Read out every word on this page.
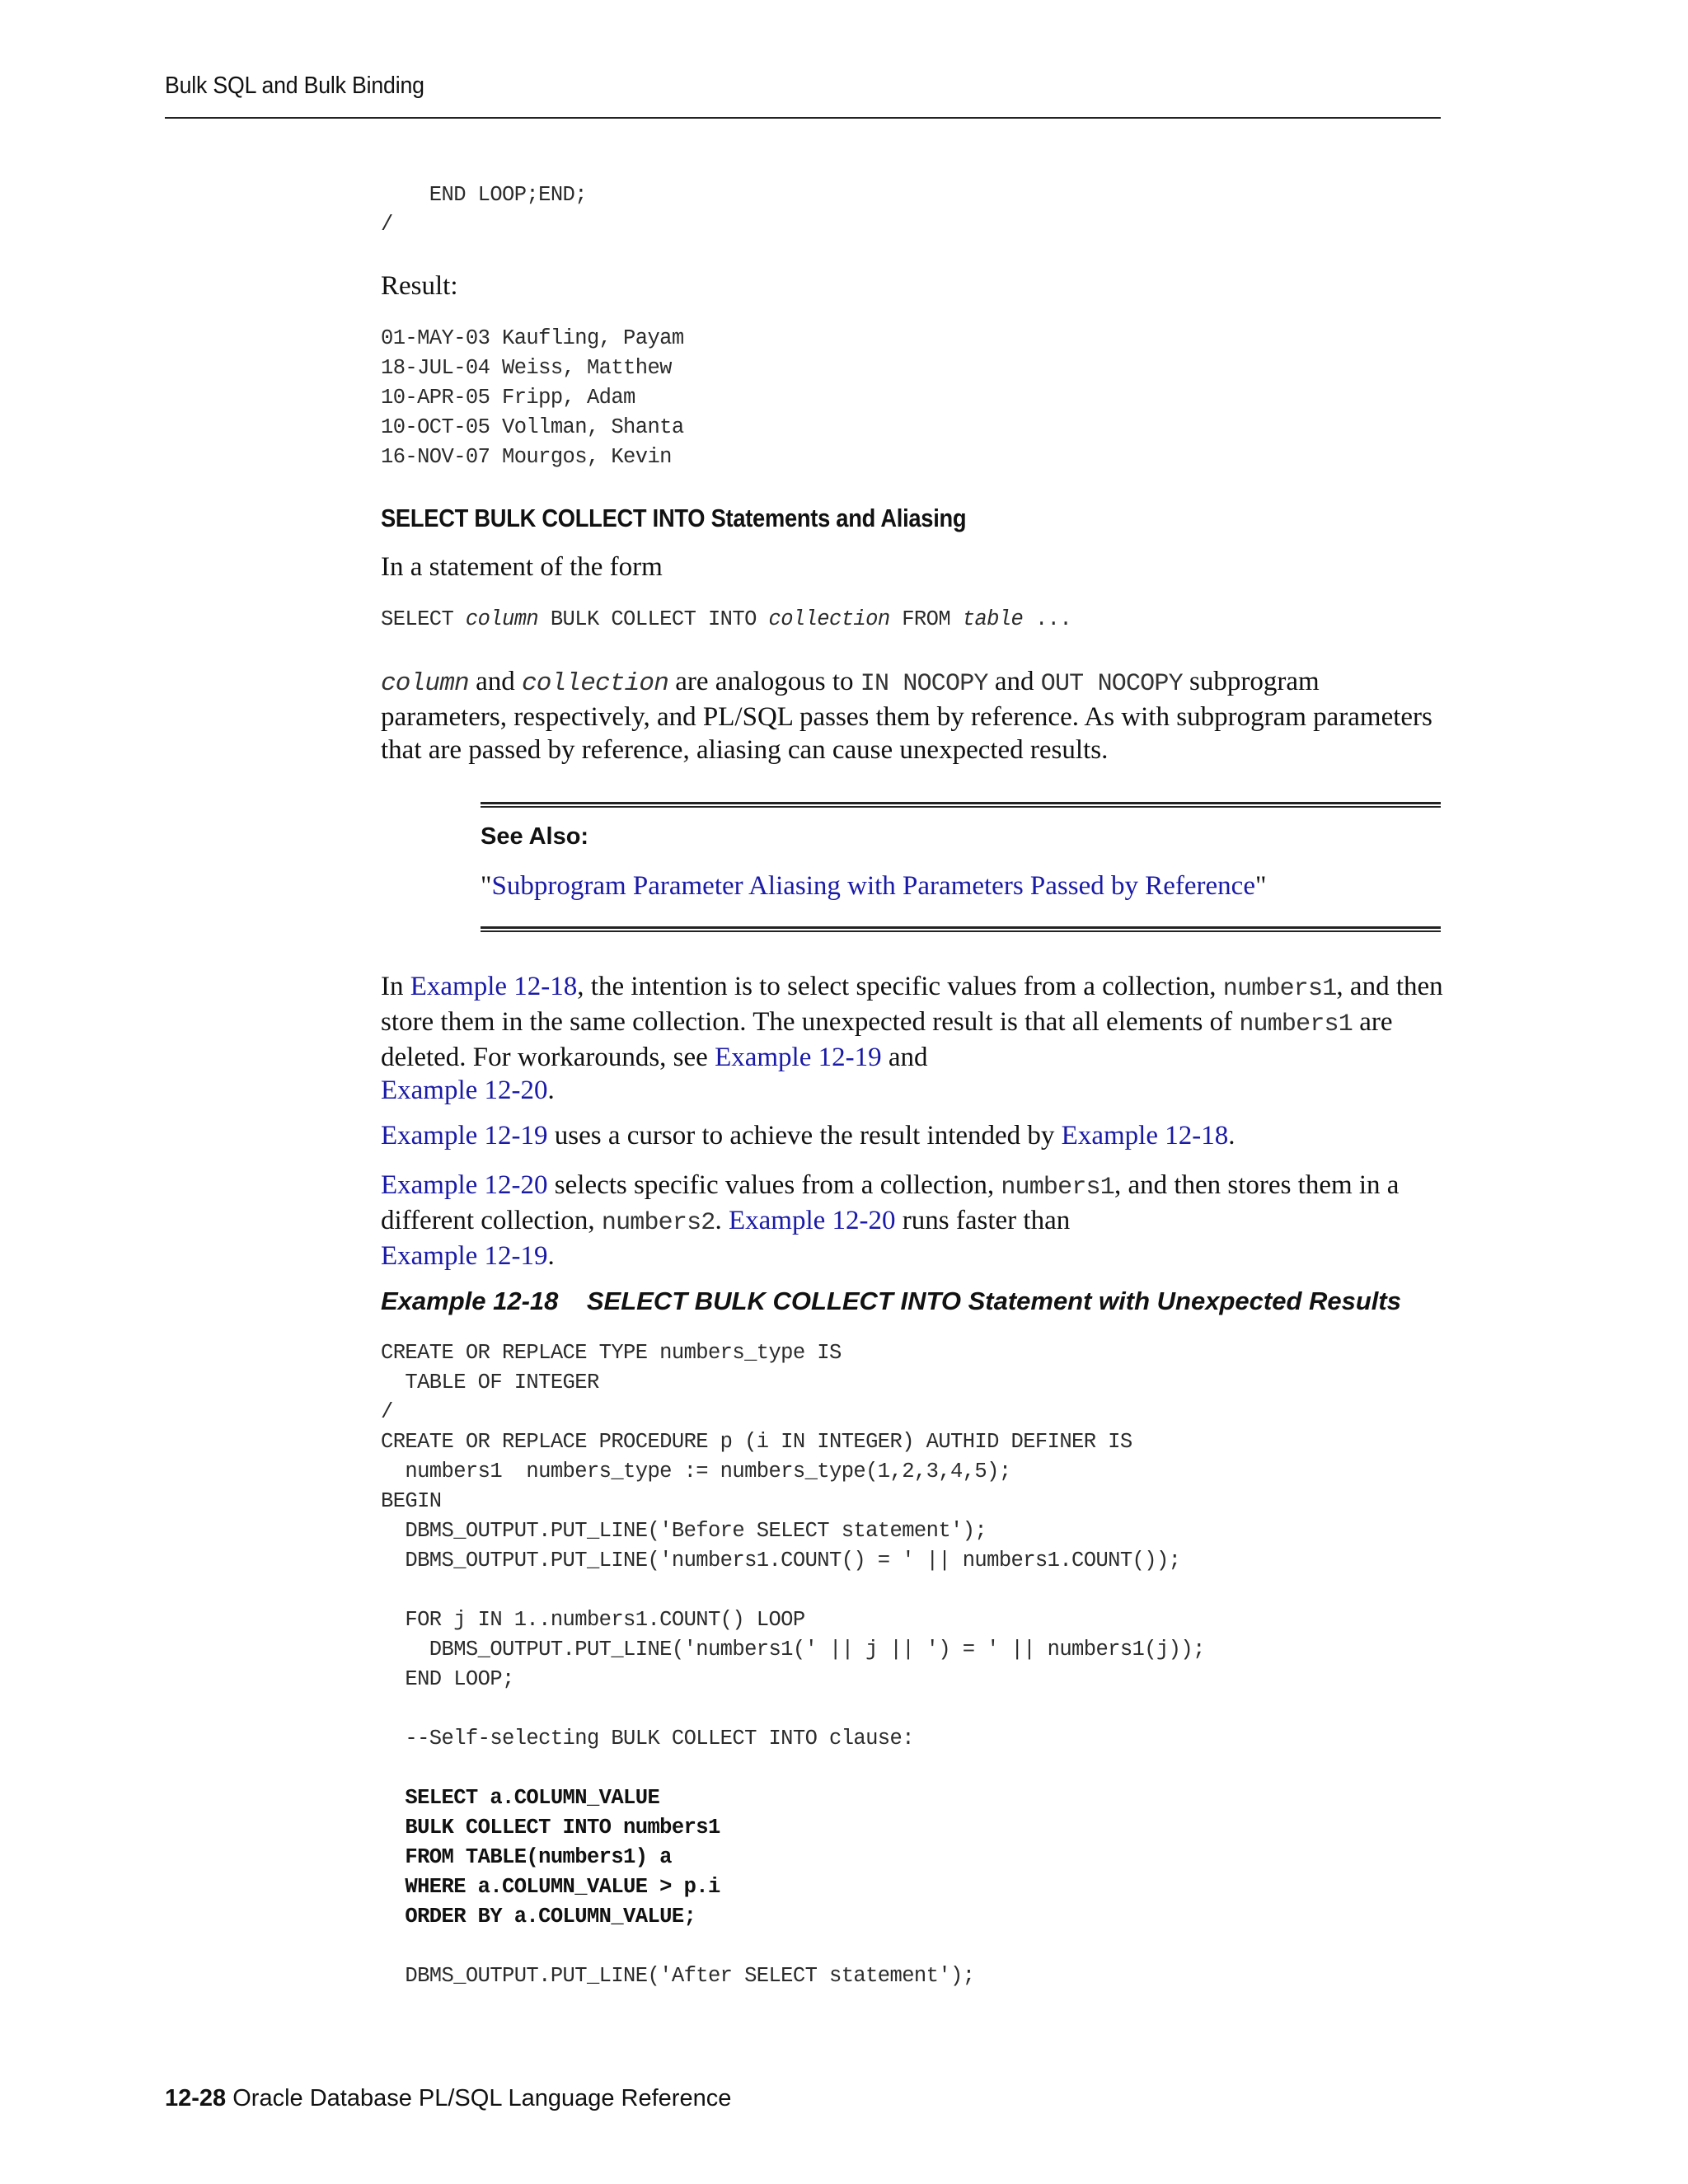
Bulk SQL and Bulk Binding
END LOOP;END;
/
Result:
01-MAY-03 Kaufling, Payam
18-JUL-04 Weiss, Matthew
10-APR-05 Fripp, Adam
10-OCT-05 Vollman, Shanta
16-NOV-07 Mourgos, Kevin
SELECT BULK COLLECT INTO Statements and Aliasing
In a statement of the form
SELECT column BULK COLLECT INTO collection FROM table ...
column and collection are analogous to IN NOCOPY and OUT NOCOPY subprogram parameters, respectively, and PL/SQL passes them by reference. As with subprogram parameters that are passed by reference, aliasing can cause unexpected results.
See Also:
"Subprogram Parameter Aliasing with Parameters Passed by Reference"
In Example 12-18, the intention is to select specific values from a collection, numbers1, and then store them in the same collection. The unexpected result is that all elements of numbers1 are deleted. For workarounds, see Example 12-19 and
Example 12-20.
Example 12-19 uses a cursor to achieve the result intended by Example 12-18.
Example 12-20 selects specific values from a collection, numbers1, and then stores them in a different collection, numbers2. Example 12-20 runs faster than
Example 12-19.
Example 12-18 SELECT BULK COLLECT INTO Statement with Unexpected Results
CREATE OR REPLACE TYPE numbers_type IS
TABLE OF INTEGER
/
CREATE OR REPLACE PROCEDURE p (i IN INTEGER) AUTHID DEFINER IS
numbers1  numbers_type := numbers_type(1,2,3,4,5);
BEGIN
DBMS_OUTPUT.PUT_LINE('Before SELECT statement');
DBMS_OUTPUT.PUT_LINE('numbers1.COUNT() = ' || numbers1.COUNT());

FOR j IN 1..numbers1.COUNT() LOOP
DBMS_OUTPUT.PUT_LINE('numbers1(' || j || ') = ' || numbers1(j));
END LOOP;

--Self-selecting BULK COLLECT INTO clause:

SELECT a.COLUMN_VALUE
BULK COLLECT INTO numbers1
FROM TABLE(numbers1) a
WHERE a.COLUMN_VALUE > p.i
ORDER BY a.COLUMN_VALUE;

DBMS_OUTPUT.PUT_LINE('After SELECT statement');
12-28 Oracle Database PL/SQL Language Reference
